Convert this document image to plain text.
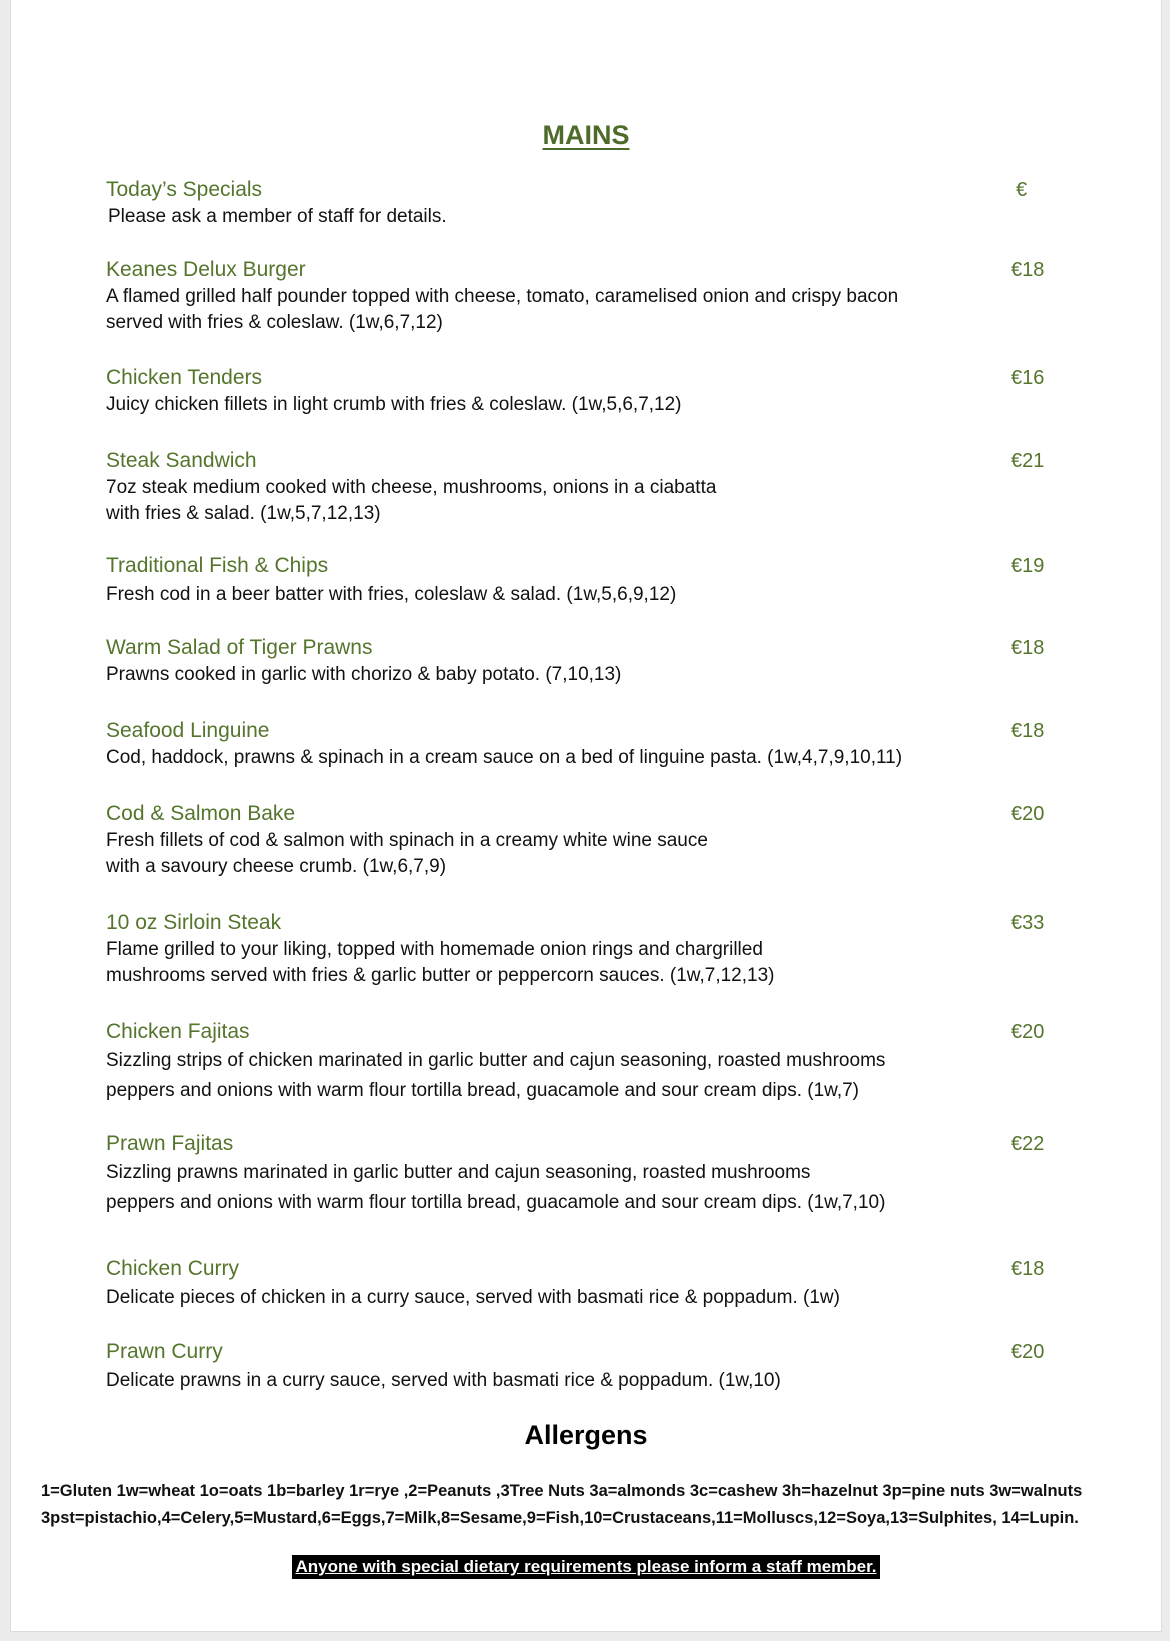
MAINS
Today’s Specials
Please ask a member of staff for details.
€
Keanes Delux Burger
A flamed grilled half pounder topped with cheese, tomato, caramelised onion and crispy bacon
served with fries & coleslaw. (1w,6,7,12)
€18
Chicken Tenders
Juicy chicken fillets in light crumb with fries & coleslaw. (1w,5,6,7,12)
€16
Steak Sandwich
7oz steak medium cooked with cheese, mushrooms, onions in a ciabatta
with fries & salad. (1w,5,7,12,13)
€21
Traditional Fish & Chips
Fresh cod in a beer batter with fries, coleslaw & salad. (1w,5,6,9,12)
€19
Warm Salad of Tiger Prawns
Prawns cooked in garlic with chorizo & baby potato. (7,10,13)
€18
Seafood Linguine
Cod, haddock, prawns & spinach in a cream sauce on a bed of linguine pasta. (1w,4,7,9,10,11)
€18
Cod & Salmon Bake
Fresh fillets of cod & salmon with spinach in a creamy white wine sauce
with a savoury cheese crumb. (1w,6,7,9)
€20
10 oz Sirloin Steak
Flame grilled to your liking, topped with homemade onion rings and chargrilled
mushrooms served with fries & garlic butter or peppercorn sauces. (1w,7,12,13)
€33
Chicken Fajitas
Sizzling strips of chicken marinated in garlic butter and cajun seasoning, roasted mushrooms
peppers and onions with warm flour tortilla bread, guacamole and sour cream dips. (1w,7)
€20
Prawn Fajitas
Sizzling prawns marinated in garlic butter and cajun seasoning, roasted mushrooms
peppers and onions with warm flour tortilla bread, guacamole and sour cream dips. (1w,7,10)
€22
Chicken Curry
Delicate pieces of chicken in a curry sauce, served with basmati rice & poppadum. (1w)
€18
Prawn Curry
Delicate prawns in a curry sauce, served with basmati rice & poppadum. (1w,10)
€20
Allergens
1=Gluten 1w=wheat 1o=oats 1b=barley 1r=rye ,2=Peanuts ,3Tree Nuts 3a=almonds 3c=cashew 3h=hazelnut 3p=pine nuts 3w=walnuts
3pst=pistachio,4=Celery,5=Mustard,6=Eggs,7=Milk,8=Sesame,9=Fish,10=Crustaceans,11=Molluscs,12=Soya,13=Sulphites, 14=Lupin.
Anyone with special dietary requirements please inform a staff member.
